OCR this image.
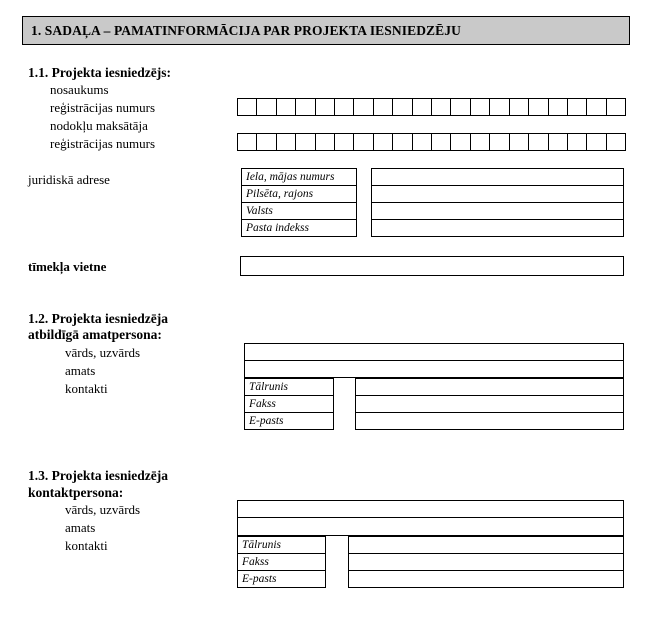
1. SADAĻA – PAMATINFORMĀCIJA PAR PROJEKTA IESNIEDZĒJU
1.1. Projekta iesniedzējs:
nosaukums
reģistrācijas numurs
nodokļu maksātāja
reģistrācijas numurs
juridiskā adrese	Iela, mājas numurs		
Pilsēta, rajons		
Valsts		
Pasta indekss		
tīmekļa vietne
1.2. Projekta iesniedzēja
atbildīgā amatpersona:
vārds, uzvārds
amats
kontakti	Tālrunis		
Fakss		
E-pasts		
1.3. Projekta iesniedzēja
kontaktpersona:
vārds, uzvārds
amats
kontakti	Tālrunis		
Fakss		
E-pasts		
